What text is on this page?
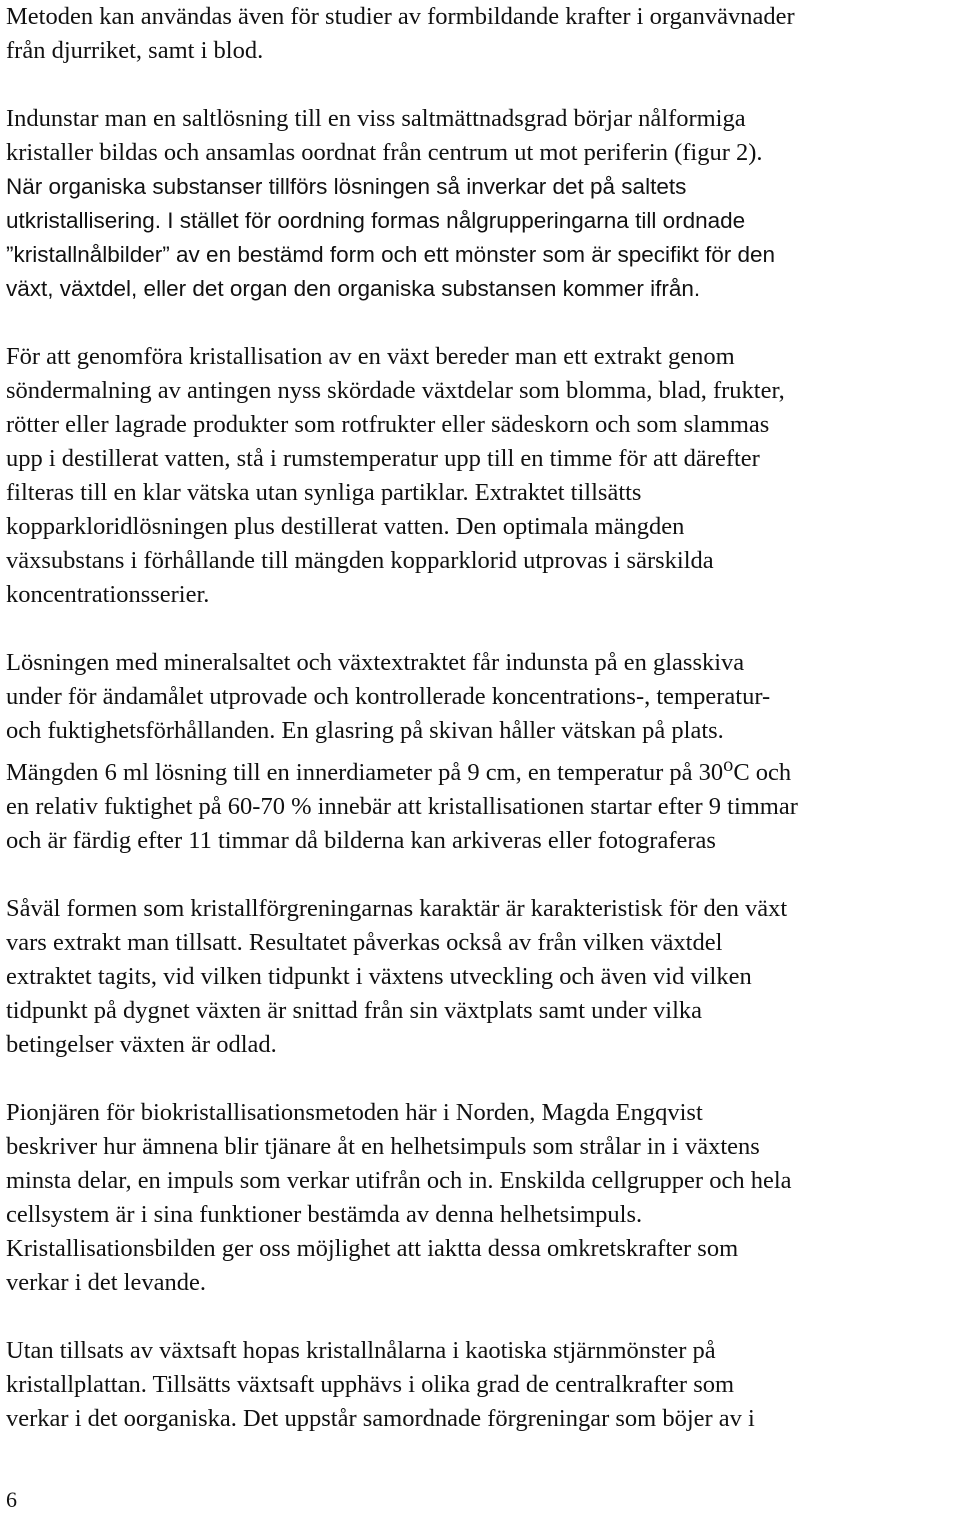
Metoden kan användas även för studier av formbildande krafter i organvävnader
från djurriket, samt i blod.

Indunstar man en saltlösning till en viss saltmättnadsgrad börjar nålformiga
kristaller bildas och ansamlas oordnat från centrum ut mot periferin (figur 2).
När organiska substanser tillförs lösningen så inverkar det på saltets
utkristallisering. I stället för oordning formas nålgrupperingarna till ordnade
”kristallnålbilder” av en bestämd form och ett mönster som är specifikt för den
växt, växtdel, eller det organ den organiska substansen kommer ifrån.

För att genomföra kristallisation av en växt bereder man ett extrakt genom
söndermalning av antingen nyss skördade växtdelar som blomma, blad, frukter,
rötter eller lagrade produkter som rotfrukter eller sädeskorn och som slammas
upp i destillerat vatten, stå i rumstemperatur upp till en timme för att därefter
filteras till en klar vätska utan synliga partiklar. Extraktet tillsätts
kopparkloridlösningen plus destillerat vatten. Den optimala mängden
växsubstans i förhållande till mängden kopparklorid utprovas i särskilda
koncentrationsserier.

Lösningen med mineralsaltet och växtextraktet får indunsta på en glasskiva
under för ändamålet utprovade och kontrollerade koncentrations-, temperatur-
och fuktighetsförhållanden. En glasring på skivan håller vätskan på plats.
Mängden 6 ml lösning till en innerdiameter på 9 cm, en temperatur på 30$^o$C och
en relativ fuktighet på 60-70 % innebär att kristallisationen startar efter 9 timmar
och är färdig efter 11 timmar då bilderna kan arkiveras eller fotograferas

Såväl formen som kristallförgreningarnas karaktär är karakteristisk för den växt
vars extrakt man tillsatt. Resultatet påverkas också av från vilken växtdel
extraktet tagits, vid vilken tidpunkt i växtens utveckling och även vid vilken
tidpunkt på dygnet växten är snittad från sin växtplats samt under vilka
betingelser växten är odlad.

Pionjären för biokristallisationsmetoden här i Norden, Magda Engqvist
beskriver hur ämnena blir tjänare åt en helhetsimpuls som strålar in i växtens
minsta delar, en impuls som verkar utifrån och in. Enskilda cellgrupper och hela
cellsystem är i sina funktioner bestämda av denna helhetsimpuls.
Kristallisationsbilden ger oss möjlighet att iaktta dessa omkretskrafter som
verkar i det levande.

Utan tillsats av växtsaft hopas kristallnålarna i kaotiska stjärnmönster på
kristallplattan. Tillsätts växtsaft upphävs i olika grad de centralkrafter som
verkar i det oorganiska. Det uppstår samordnade förgreningar som böjer av i

6
